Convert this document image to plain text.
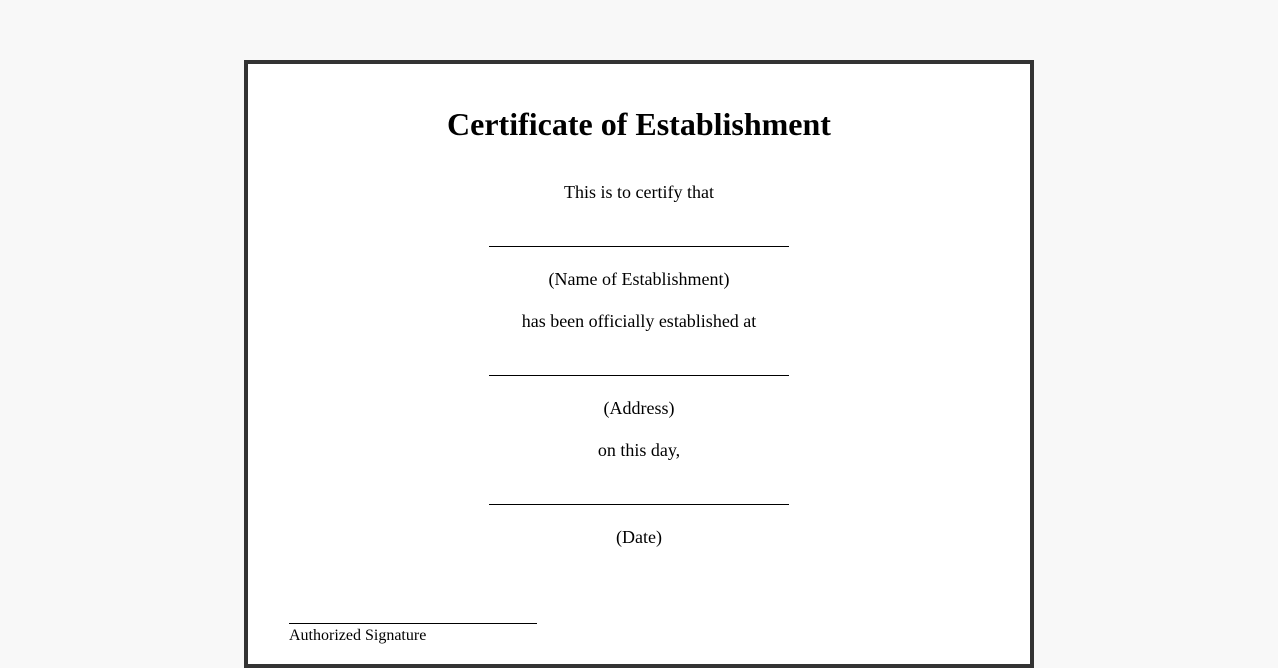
Certificate of Establishment
This is to certify that
(Name of Establishment)
has been officially established at
(Address)
on this day,
(Date)
Authorized Signature
